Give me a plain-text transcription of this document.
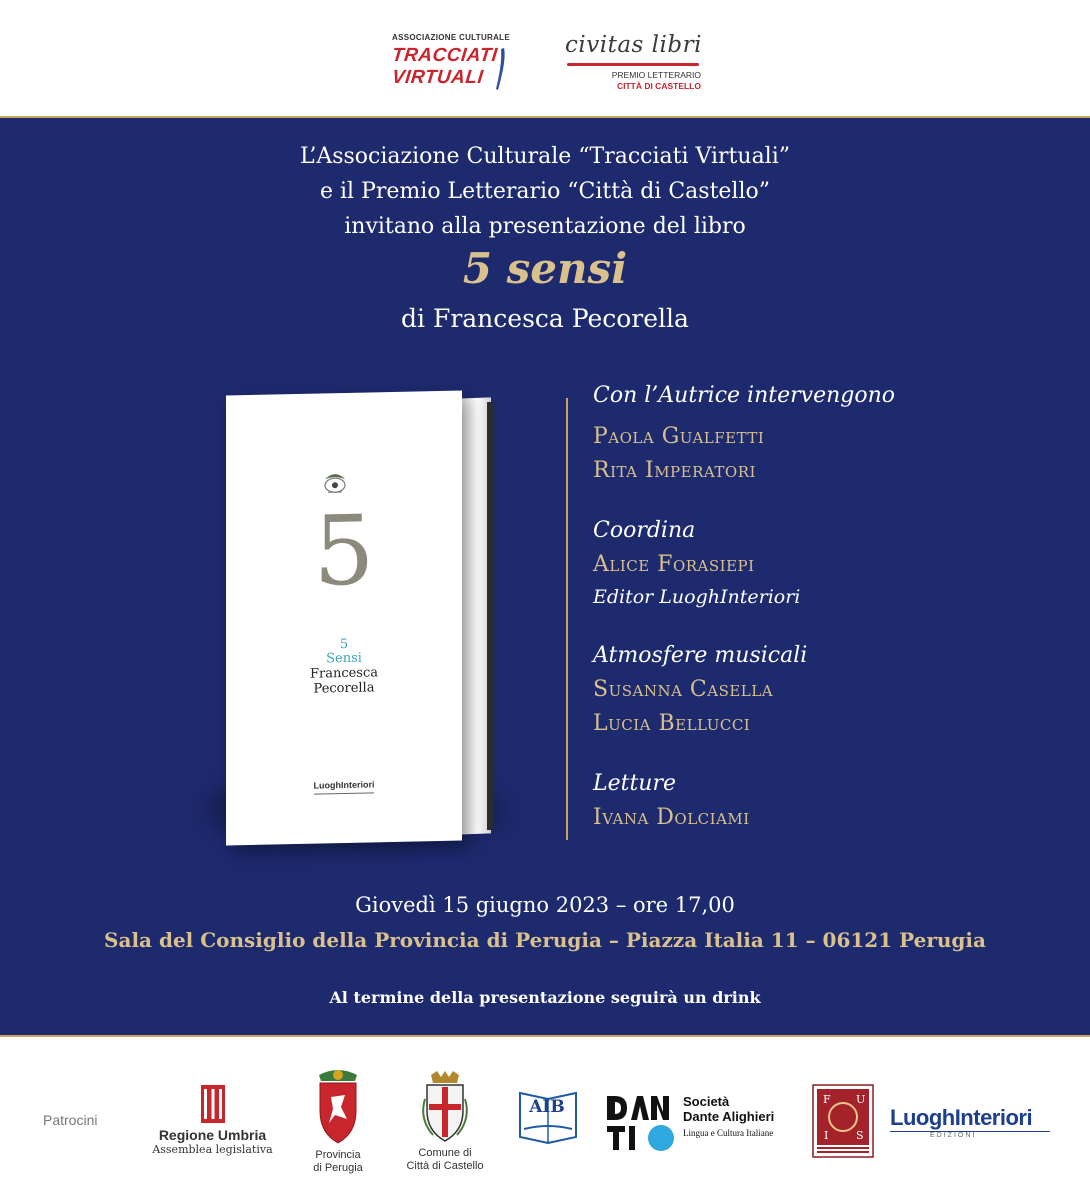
ASSOCIAZIONE CULTURALE
TRACCIATI
VIRTUALI
civitas libri
PREMIO LETTERARIO
CITTÀ DI CASTELLO
L’Associazione Culturale “Tracciati Virtuali”
e il Premio Letterario “Città di Castello”
invitano alla presentazione del libro
5 sensi
di Francesca Pecorella
5
5
Sensi
Francesca
Pecorella
LuoghInteriori
Con l’Autrice intervengono
Paola Gualfetti
Rita Imperatori
Coordina
Alice Forasiepi
Editor LuoghInteriori
Atmosfere musicali
Susanna Casella
Lucia Bellucci
Letture
Ivana Dolciami
Giovedì 15 giugno 2023 – ore 17,00
Sala del Consiglio della Provincia di Perugia – Piazza Italia 11 – 06121 Perugia
Al termine della presentazione seguirà un drink
Patrocini
Regione Umbria
Assemblea legislativa	Provincia
di Perugia
Comune di
Città di Castello
AIB	Società
Dante Alighieri
Lingua e Cultura Italiane
F U
I	S
LuoghInteriori
EDIZIONI
